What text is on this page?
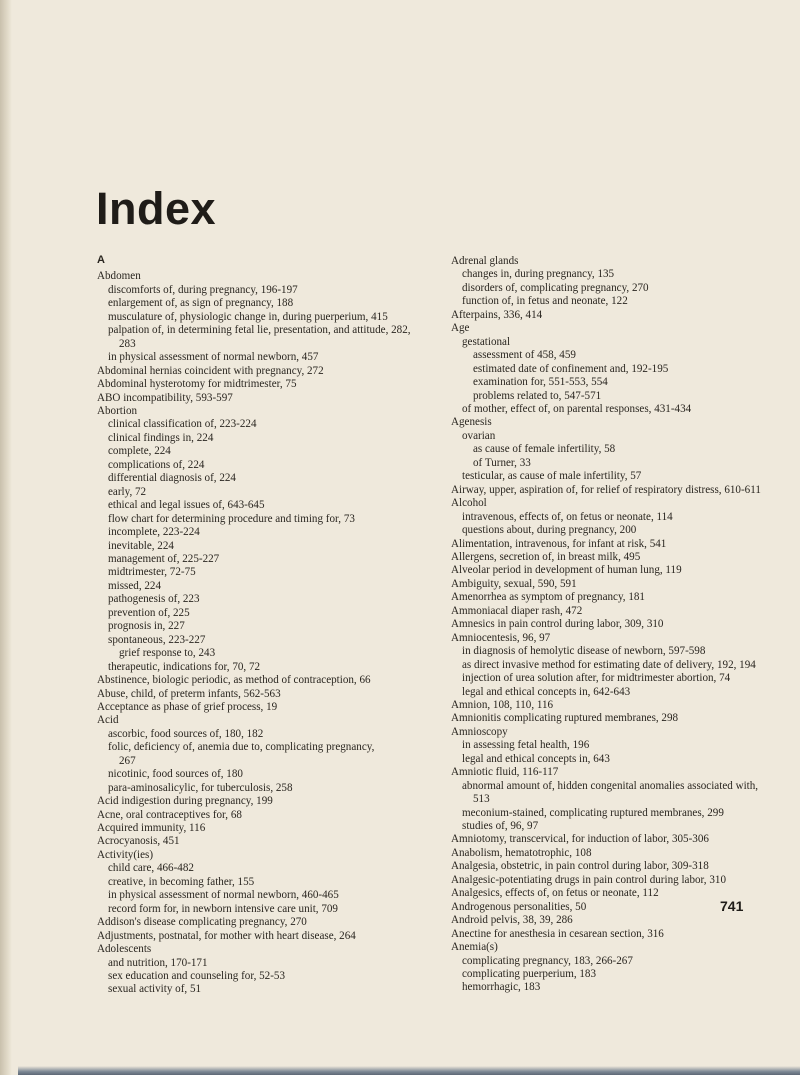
Index
A
Abdomen
discomforts of, during pregnancy, 196-197
enlargement of, as sign of pregnancy, 188
musculature of, physiologic change in, during puerperium, 415
palpation of, in determining fetal lie, presentation, and attitude, 282,
283
in physical assessment of normal newborn, 457
Abdominal hernias coincident with pregnancy, 272
Abdominal hysterotomy for midtrimester, 75
ABO incompatibility, 593-597
Abortion
clinical classification of, 223-224
clinical findings in, 224
complete, 224
complications of, 224
differential diagnosis of, 224
early, 72
ethical and legal issues of, 643-645
flow chart for determining procedure and timing for, 73
incomplete, 223-224
inevitable, 224
management of, 225-227
midtrimester, 72-75
missed, 224
pathogenesis of, 223
prevention of, 225
prognosis in, 227
spontaneous, 223-227
grief response to, 243
therapeutic, indications for, 70, 72
Abstinence, biologic periodic, as method of contraception, 66
Abuse, child, of preterm infants, 562-563
Acceptance as phase of grief process, 19
Acid
ascorbic, food sources of, 180, 182
folic, deficiency of, anemia due to, complicating pregnancy,
267
nicotinic, food sources of, 180
para-aminosalicylic, for tuberculosis, 258
Acid indigestion during pregnancy, 199
Acne, oral contraceptives for, 68
Acquired immunity, 116
Acrocyanosis, 451
Activity(ies)
child care, 466-482
creative, in becoming father, 155
in physical assessment of normal newborn, 460-465
record form for, in newborn intensive care unit, 709
Addison's disease complicating pregnancy, 270
Adjustments, postnatal, for mother with heart disease, 264
Adolescents
and nutrition, 170-171
sex education and counseling for, 52-53
sexual activity of, 51
Adrenal glands
changes in, during pregnancy, 135
disorders of, complicating pregnancy, 270
function of, in fetus and neonate, 122
Afterpains, 336, 414
Age
gestational
assessment of 458, 459
estimated date of confinement and, 192-195
examination for, 551-553, 554
problems related to, 547-571
of mother, effect of, on parental responses, 431-434
Agenesis
ovarian
as cause of female infertility, 58
of Turner, 33
testicular, as cause of male infertility, 57
Airway, upper, aspiration of, for relief of respiratory distress, 610-611
Alcohol
intravenous, effects of, on fetus or neonate, 114
questions about, during pregnancy, 200
Alimentation, intravenous, for infant at risk, 541
Allergens, secretion of, in breast milk, 495
Alveolar period in development of human lung, 119
Ambiguity, sexual, 590, 591
Amenorrhea as symptom of pregnancy, 181
Ammoniacal diaper rash, 472
Amnesics in pain control during labor, 309, 310
Amniocentesis, 96, 97
in diagnosis of hemolytic disease of newborn, 597-598
as direct invasive method for estimating date of delivery, 192, 194
injection of urea solution after, for midtrimester abortion, 74
legal and ethical concepts in, 642-643
Amnion, 108, 110, 116
Amnionitis complicating ruptured membranes, 298
Amnioscopy
in assessing fetal health, 196
legal and ethical concepts in, 643
Amniotic fluid, 116-117
abnormal amount of, hidden congenital anomalies associated with,
513
meconium-stained, complicating ruptured membranes, 299
studies of, 96, 97
Amniotomy, transcervical, for induction of labor, 305-306
Anabolism, hematotrophic, 108
Analgesia, obstetric, in pain control during labor, 309-318
Analgesic-potentiating drugs in pain control during labor, 310
Analgesics, effects of, on fetus or neonate, 112
Androgenous personalities, 50
Android pelvis, 38, 39, 286
Anectine for anesthesia in cesarean section, 316
Anemia(s)
complicating pregnancy, 183, 266-267
complicating puerperium, 183
hemorrhagic, 183
741
